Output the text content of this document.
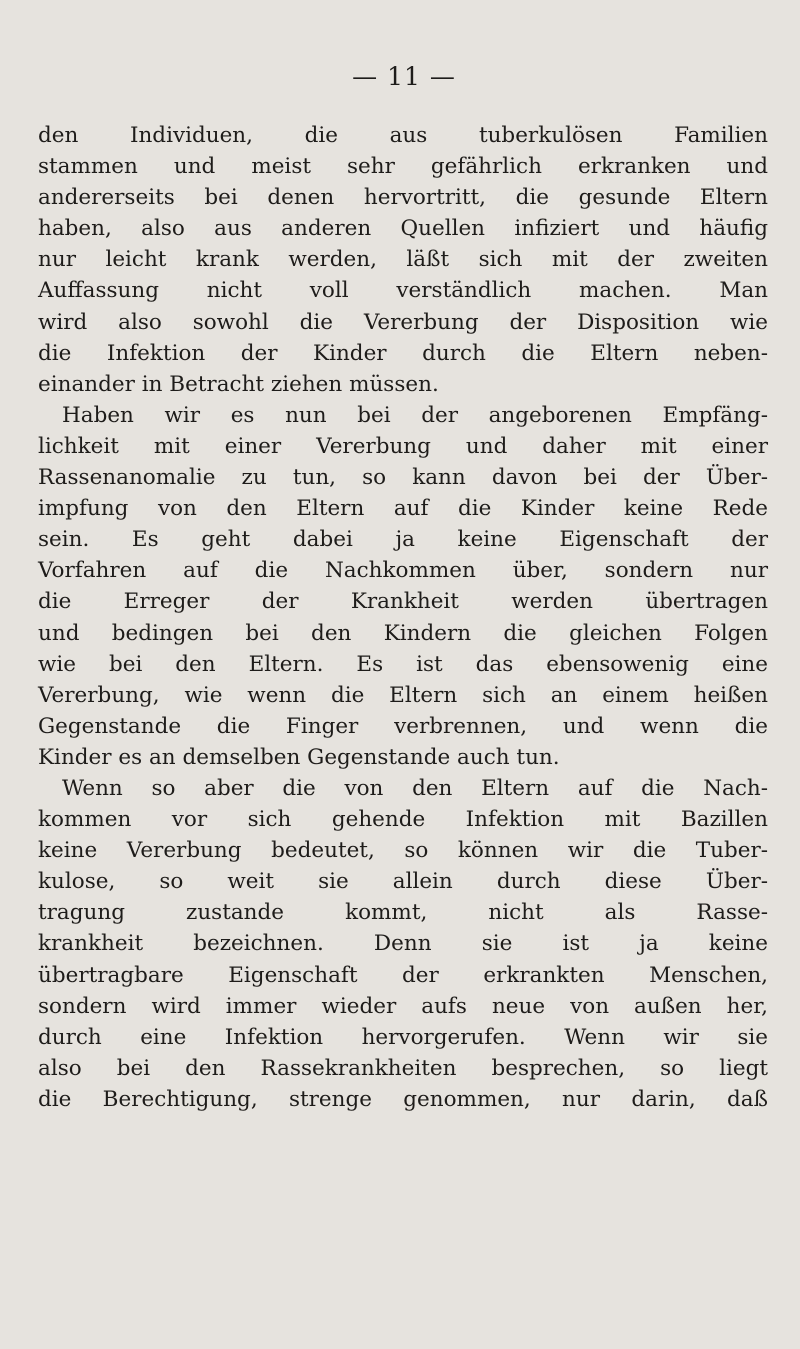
— 11 —
den Individuen, die aus tuberkulösen Familien
stammen und meist sehr gefährlich erkranken und
andererseits bei denen hervortritt, die gesunde Eltern
haben, also aus anderen Quellen infiziert und häufig
nur leicht krank werden, läßt sich mit der zweiten
Auffassung nicht voll verständlich machen. Man
wird also sowohl die Vererbung der Disposition wie
die Infektion der Kinder durch die Eltern neben-
einander in Betracht ziehen müssen.
Haben wir es nun bei der angeborenen Empfäng-
lichkeit mit einer Vererbung und daher mit einer
Rassenanomalie zu tun, so kann davon bei der Über-
impfung von den Eltern auf die Kinder keine Rede
sein. Es geht dabei ja keine Eigenschaft der
Vorfahren auf die Nachkommen über, sondern nur
die Erreger der Krankheit werden übertragen
und bedingen bei den Kindern die gleichen Folgen
wie bei den Eltern. Es ist das ebensowenig eine
Vererbung, wie wenn die Eltern sich an einem heißen
Gegenstande die Finger verbrennen, und wenn die
Kinder es an demselben Gegenstande auch tun.
Wenn so aber die von den Eltern auf die Nach-
kommen vor sich gehende Infektion mit Bazillen
keine Vererbung bedeutet, so können wir die Tuber-
kulose, so weit sie allein durch diese Über-
tragung zustande kommt, nicht als Rasse-
krankheit bezeichnen. Denn sie ist ja keine
übertragbare Eigenschaft der erkrankten Menschen,
sondern wird immer wieder aufs neue von außen her,
durch eine Infektion hervorgerufen. Wenn wir sie
also bei den Rassekrankheiten besprechen, so liegt
die Berechtigung, strenge genommen, nur darin, daß
